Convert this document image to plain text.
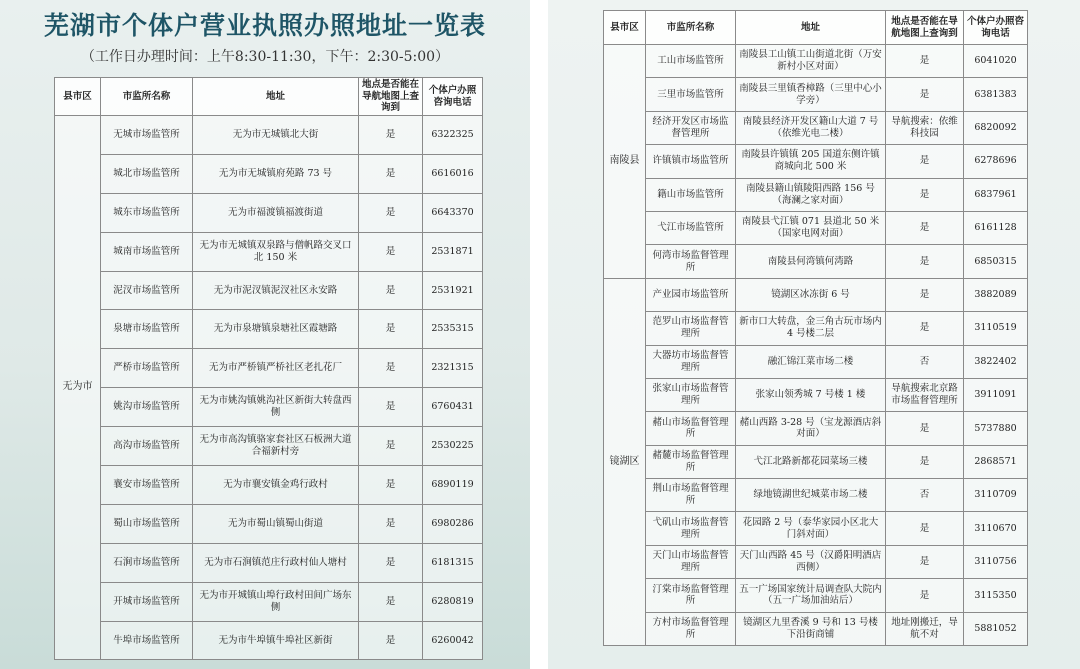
芜湖市个体户营业执照办照地址一览表
（工作日办理时间：上午8:30-11:30，下午：2:30-5:00）
县市区	市监所名称	地址	地点是否能在导航地图上查询到	个体户办照咨询电话
无为市	无城市场监管所	无为市无城镇北大街	是	6322325
	城北市场监管所	无为市无城镇府苑路 73 号	是	6616016
	城东市场监管所	无为市福渡镇福渡街道	是	6643370
	城南市场监管所	无为市无城镇双泉路与僧帆路交叉口北 150 米	是	2531871
	泥汊市场监管所	无为市泥汊镇泥汊社区永安路	是	2531921
	泉塘市场监管所	无为市泉塘镇泉塘社区霞塘路	是	2535315
	严桥市场监管所	无为市严桥镇严桥社区老扎花厂	是	2321315
	姚沟市场监管所	无为市姚沟镇姚沟社区新街大转盘西侧	是	6760431
	高沟市场监管所	无为市高沟镇骆家套社区石板洲大道合福新村旁	是	2530225
	襄安市场监管所	无为市襄安镇金鸡行政村	是	6890119
	蜀山市场监管所	无为市蜀山镇蜀山街道	是	6980286
	石涧市场监管所	无为市石涧镇范庄行政村仙人塘村	是	6181315
	开城市场监管所	无为市开城镇山埠行政村田间广场东侧	是	6280819
	牛埠市场监管所	无为市牛埠镇牛埠社区新街	是	6260042
县市区	市监所名称	地址	地点是否能在导航地图上查询到	个体户办照咨询电话
南陵县	工山市场监管所	南陵县工山镇工山街道北街（万安新村小区对面）	是	6041020
	三里市场监管所	南陵县三里镇香樟路（三里中心小学旁）	是	6381383
	经济开发区市场监督管理所	南陵县经济开发区籍山大道 7 号（依维光电二楼）	导航搜索：依维科技园	6820092
	许镇镇市场监管所	南陵县许镇镇 205 国道东侧许镇商城向北 500 米	是	6278696
	籍山市场监管所	南陵县籍山镇陵阳西路 156 号（海澜之家对面）	是	6837961
	弋江市场监管所	南陵县弋江镇 071 县道北 50 米（国家电网对面）	是	6161128
	何湾市场监督管理所	南陵县何湾镇何湾路	是	6850315
镜湖区	产业园市场监管所	镜湖区冰冻街 6 号	是	3882089
	范罗山市场监督管理所	新市口大转盘，金三角古玩市场内 4 号楼二层	是	3110519
	大器坊市场监督管理所	融汇锦江菜市场二楼	否	3822402
	张家山市场监督管理所	张家山领秀城 7 号楼 1 楼	导航搜索北京路市场监督管理所	3911091
	赭山市场监督管理所	赭山西路 3-28 号（宝龙源酒店斜对面）	是	5737880
	赭麓市场监督管理所	弋江北路新都花园菜场三楼	是	2868571
	荆山市场监督管理所	绿地镜湖世纪城菜市场二楼	否	3110709
	弋矶山市场监督管理所	花园路 2 号（泰华家园小区北大门斜对面）	是	3110670
	天门山市场监督管理所	天门山西路 45 号（汉爵阳明酒店西侧）	是	3110756
	汀棠市场监督管理所	五一广场国家统计局调查队大院内（五一广场加油站后）	是	3115350
	方村市场监督管理所	镜湖区九里香溪 9 号和 13 号楼下沿街商铺	地址刚搬迁，导航不对	5881052
